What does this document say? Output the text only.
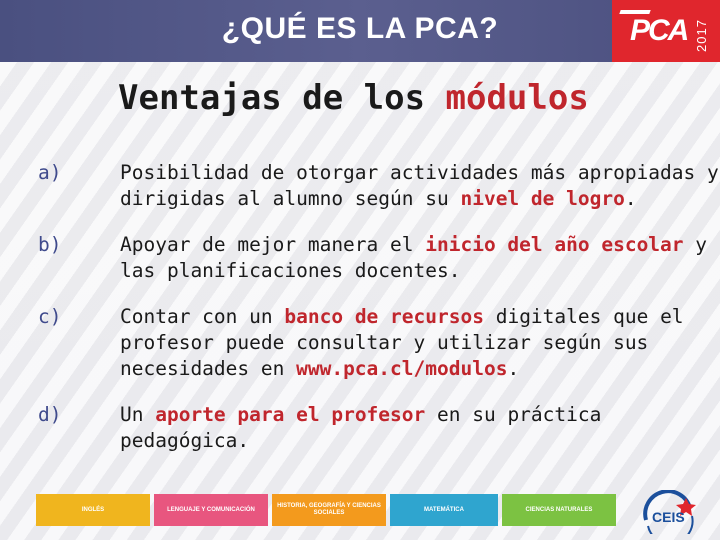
¿QUÉ ES LA PCA?	PCA 2017
Ventajas de los módulos
a)	Posibilidad de otorgar actividades más apropiadas y
dirigidas al alumno según su nivel de logro.
b)	Apoyar de mejor manera el inicio del año escolar y
las planificaciones docentes.
c)	Contar con un banco de recursos digitales que el
profesor puede consultar y utilizar según sus
necesidades en www.pca.cl/modulos.
d)	Un aporte para el profesor en su práctica
pedagógica.
INGLÉS	LENGUAJE Y COMUNICACIÓN
HISTORIA, GEOGRAFÍA Y CIENCIAS SOCIALES
MATEMÁTICA	CIENCIAS NATURALES	CEIS
